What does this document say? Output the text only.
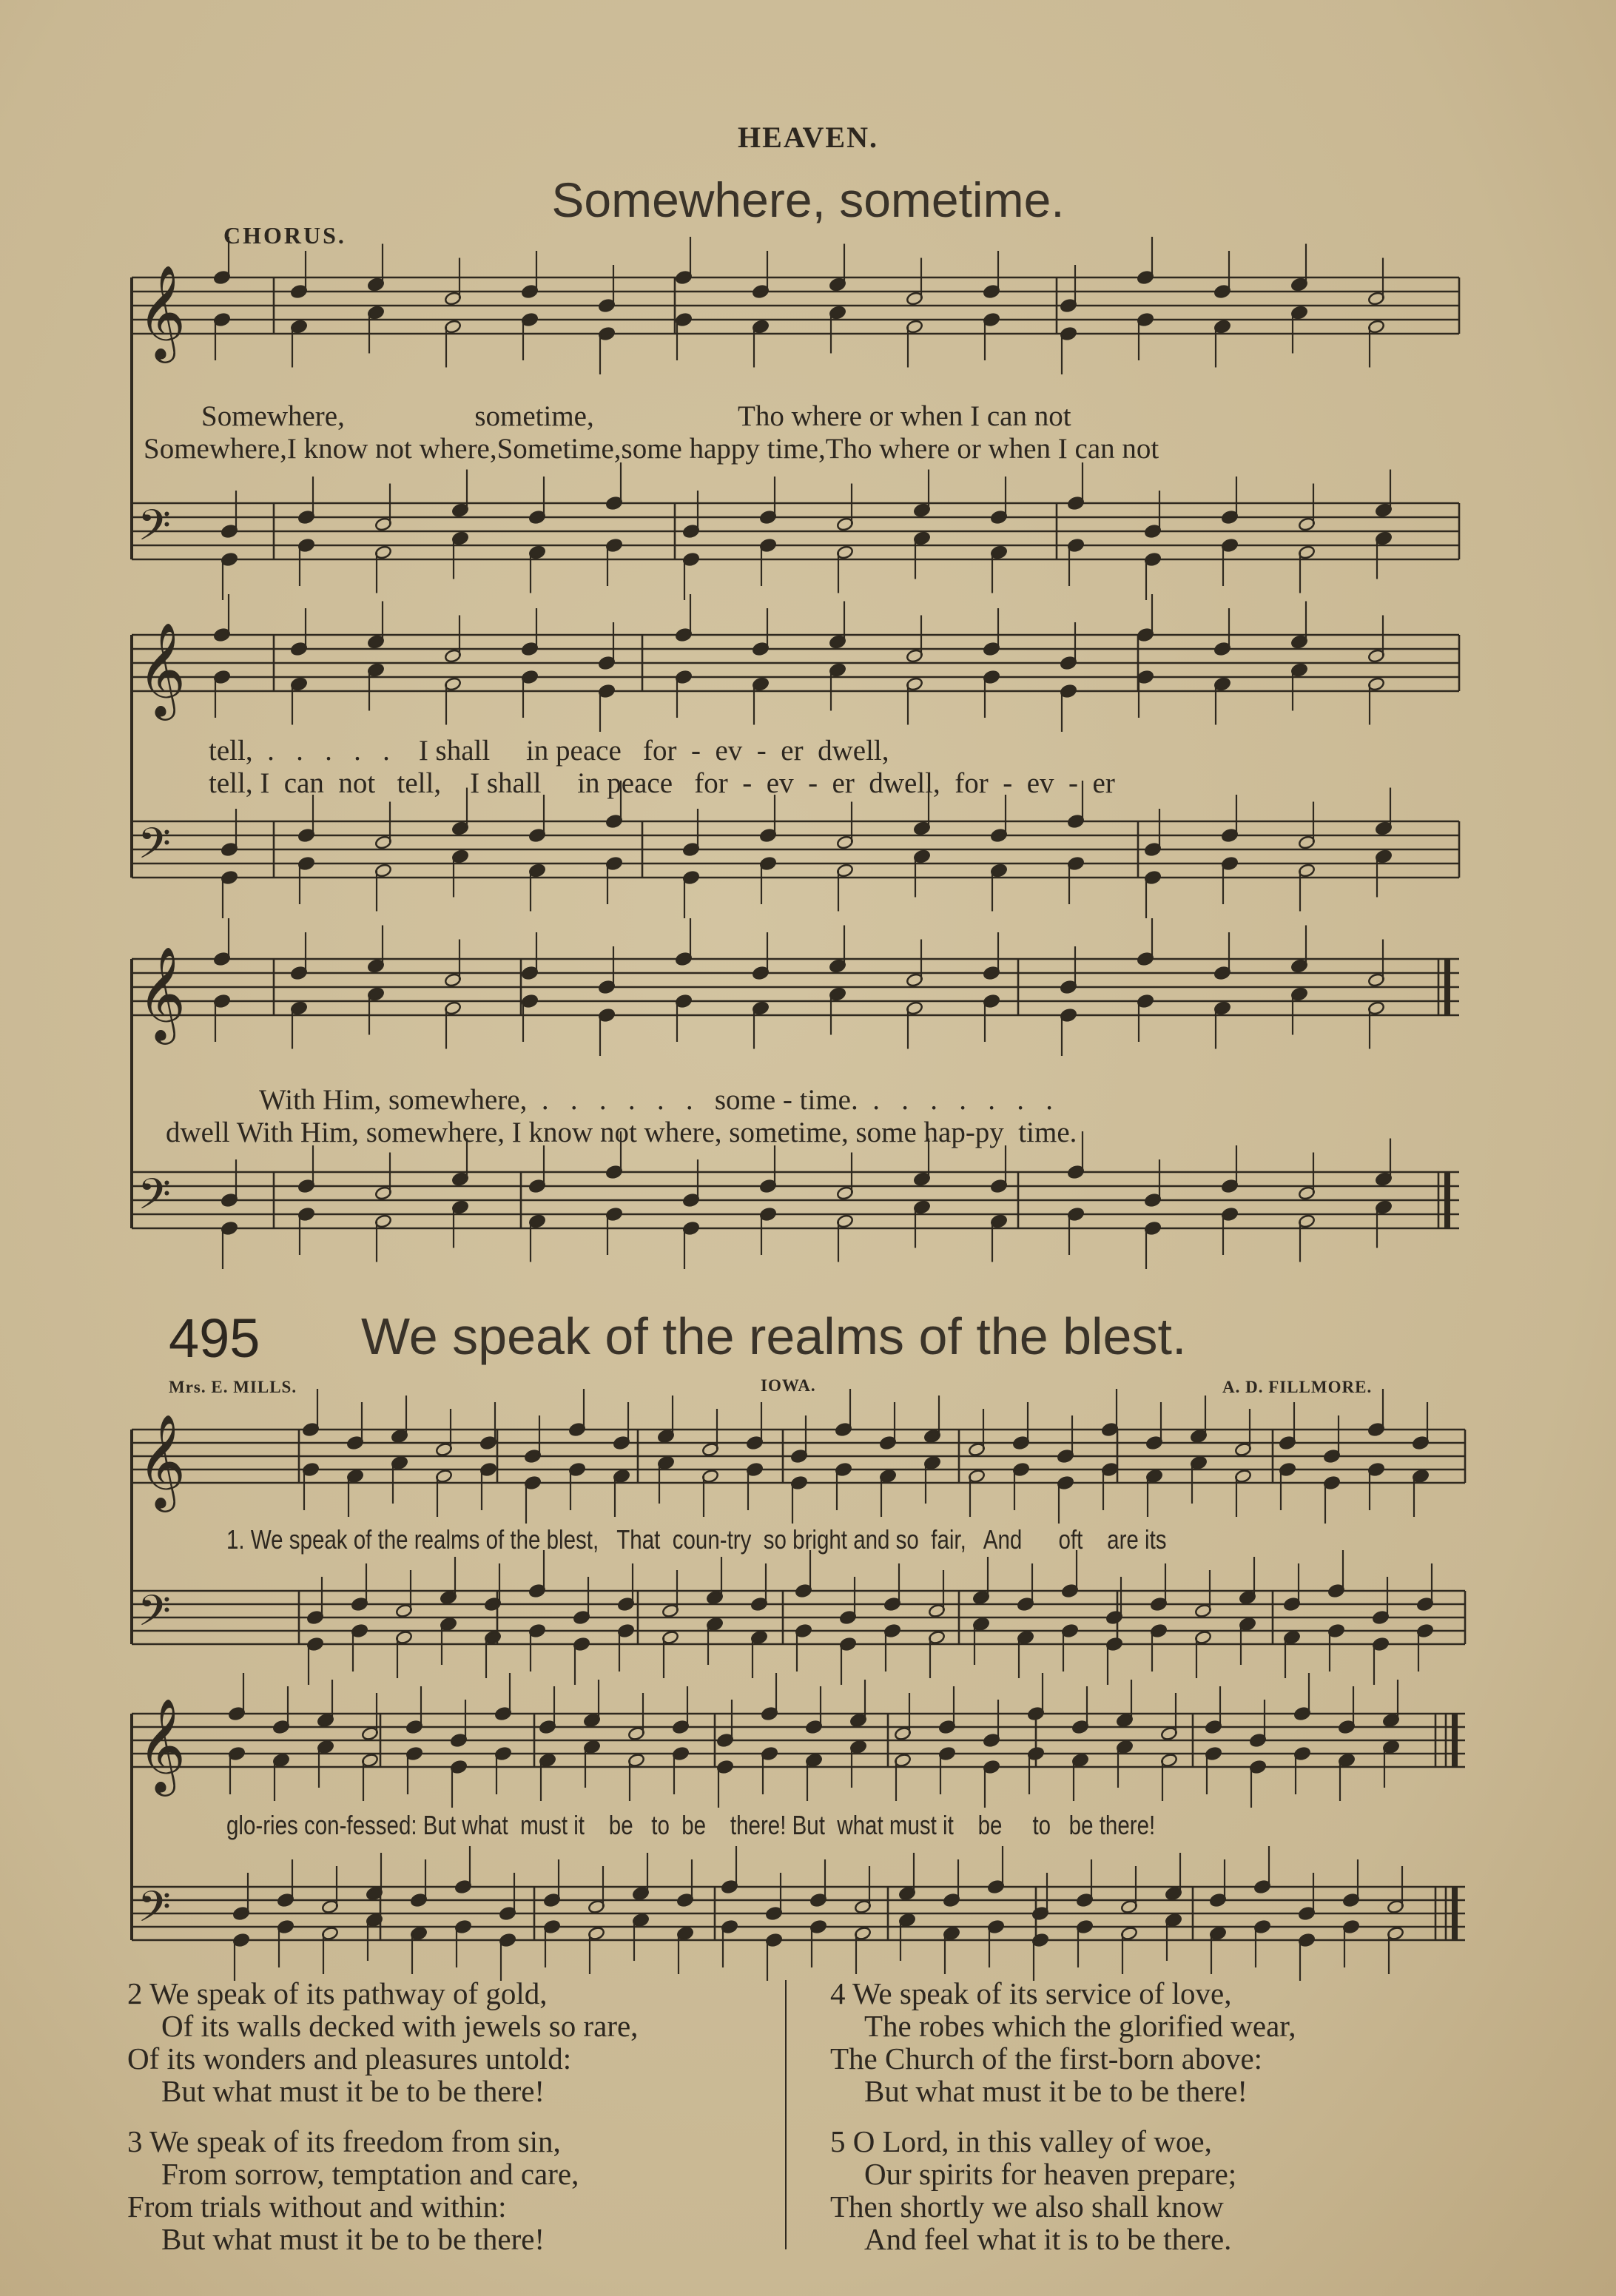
𝄞
𝄢
𝄞
𝄢
𝄞
𝄢
𝄞
𝄢
𝄞
𝄢
HEAVEN.
Somewhere, sometime.
CHORUS.
Somewhere,                  sometime,                    Tho where or when I can not
Somewhere,I know not where,Sometime,some happy time,Tho where or when I can not
tell,  .   .   .   .   .    I shall     in peace   for  -  ev  -  er  dwell,
tell, I  can  not   tell,    I shall     in peace   for  -  ev  -  er  dwell,  for  -  ev  -  er
With Him, somewhere,  .   .   .   .   .   .   some - time.  .   .   .   .   .   .   .
dwell With Him, somewhere, I know not where, sometime, some hap-py  time.
495 We speak of the realms of the blest.
Mrs. E. MILLS.	IOWA.	A. D. FILLMORE.
1. We speak of the realms of the blest,   That  coun-try  so bright and so  fair,   And      oft    are its
glo-ries con-fessed: But what  must it    be   to  be    there! But  what must it    be     to   be there!
2 We speak of its pathway of gold,
Of its walls decked with jewels so rare,
Of its wonders and pleasures untold:
But what must it be to be there!
3 We speak of its freedom from sin,
From sorrow, temptation and care,
From trials without and within:
But what must it be to be there!
4 We speak of its service of love,
The robes which the glorified wear,
The Church of the first-born above:
But what must it be to be there!
5 O Lord, in this valley of woe,
Our spirits for heaven prepare;
Then shortly we also shall know
And feel what it is to be there.
